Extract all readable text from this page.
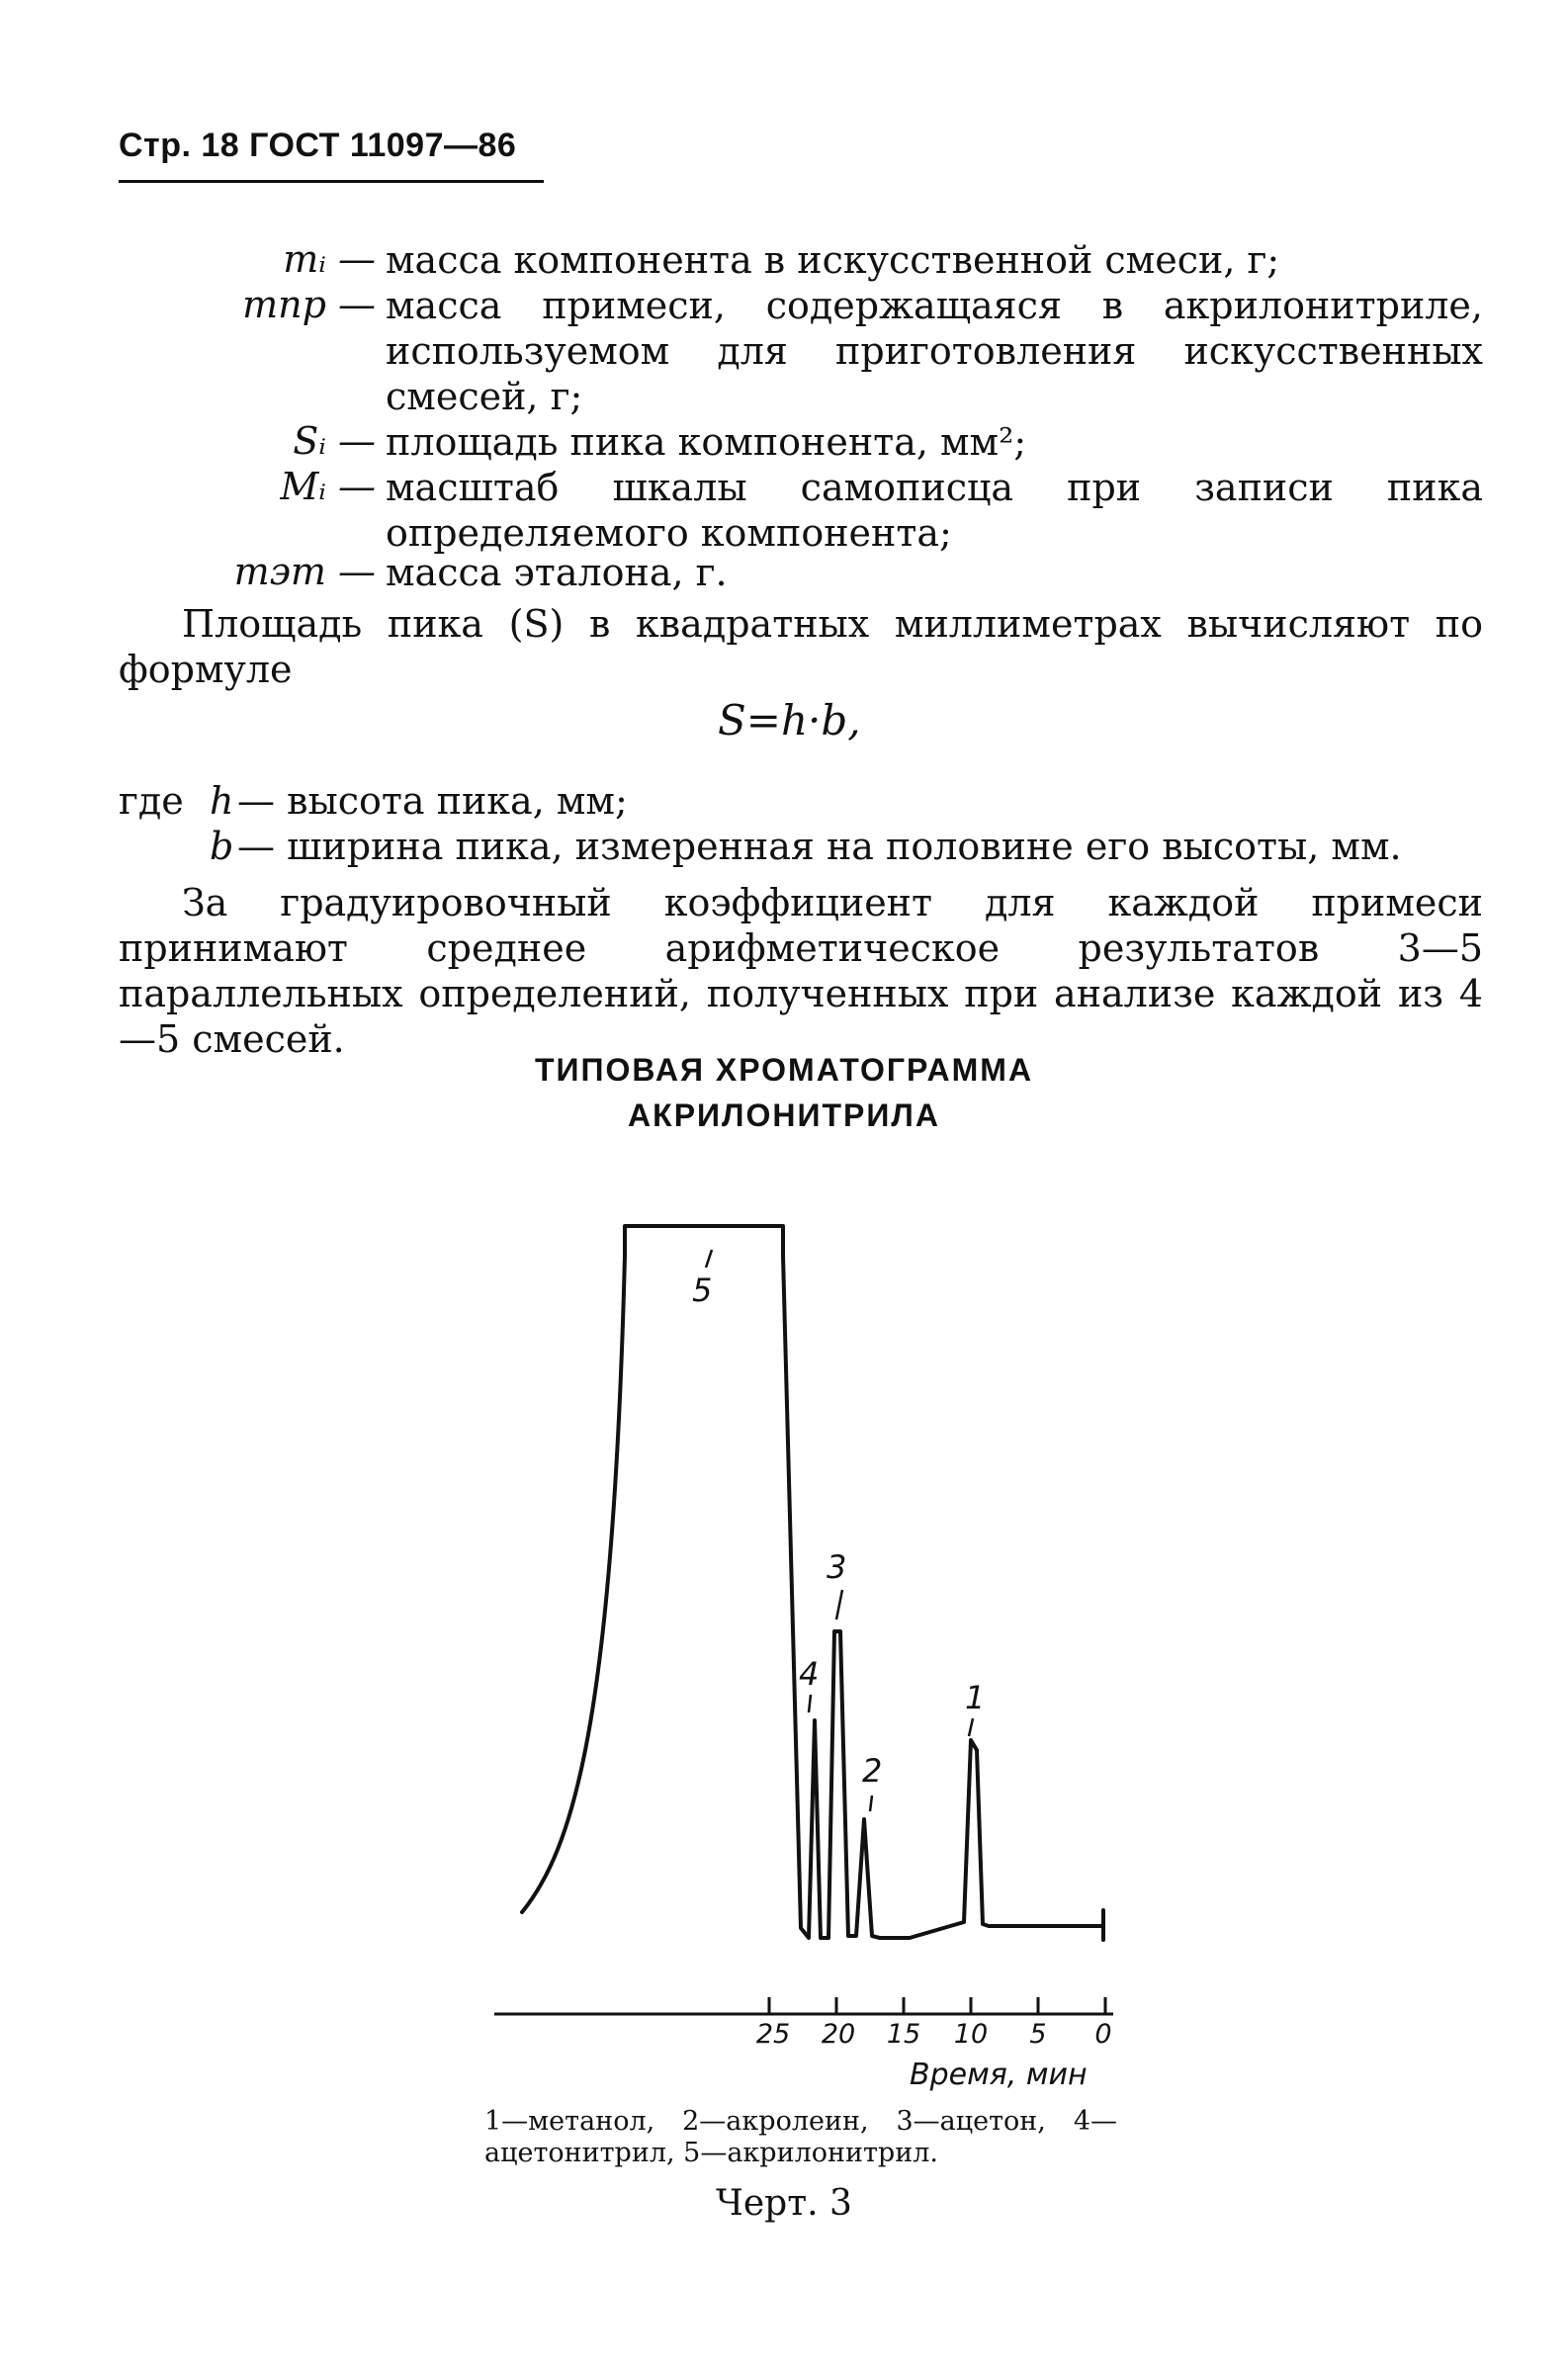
Стр. 18 ГОСТ 11097—86
mᵢ — масса компонента в искусственной смеси, г;
mпр — масса примеси, содержащаяся в акрилонитриле, используемом для приготовления искусственных смесей, г;
Sᵢ — площадь пика компонента, мм²;
Mᵢ — масштаб шкалы самописца при записи пика определяемого компонента;
mэт — масса эталона, г.
Площадь пика (S) в квадратных миллиметрах вычисляют по формуле
S=h·b,
где h — высота пика, мм;
b — ширина пика, измеренная на половине его высоты, мм.
За градуировочный коэффициент для каждой примеси принимают среднее арифметическое результатов 3—5 параллельных определений, полученных при анализе каждой из 4—5 смесей.
ТИПОВАЯ ХРОМАТОГРАММА
АКРИЛОНИТРИЛА
5
4
3
2
1
25 20 15 10 5 0
Время, мин
1—метанол, 2—акролеин, 3—ацетон, 4—ацетонитрил, 5—акрилонитрил.
Черт. 3
